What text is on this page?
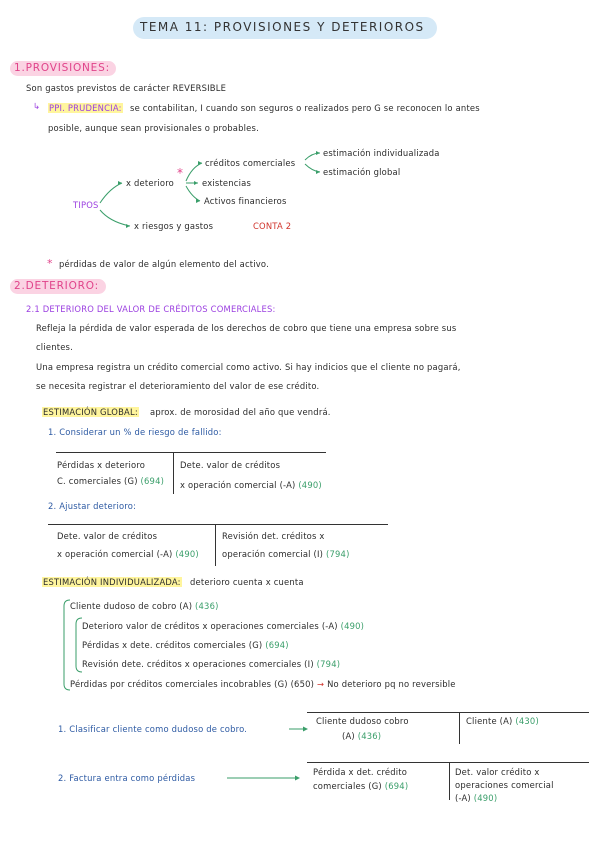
TEMA 11: PROVISIONES Y DETERIOROS
1.PROVISIONES:
Son gastos previstos de carácter REVERSIBLE
↳ PPI. PRUDENCIA: se contabilitan, I cuando son seguros o realizados pero G se reconocen lo antes
posible, aunque sean provisionales o probables.
TIPOS
x deterioro
*
créditos comerciales
estimación individualizada
estimación global
existencias
Activos financieros
x riesgos y gastos	CONTA 2
* pérdidas de valor de algún elemento del activo.
2.DETERIORO:
2.1 DETERIORO DEL VALOR DE CRÉDITOS COMERCIALES:
Refleja la pérdida de valor esperada de los derechos de cobro que tiene una empresa sobre sus
clientes.
Una empresa registra un crédito comercial como activo. Si hay indicios que el cliente no pagará,
se necesita registrar el deterioramiento del valor de ese crédito.
ESTIMACIÓN GLOBAL: aprox. de morosidad del año que vendrá.
1. Considerar un % de riesgo de fallido:
Pérdidas x deterioro
C. comerciales (G) (694)
Dete. valor de créditos
x operación comercial (-A) (490)
2. Ajustar deterioro:
Dete. valor de créditos
x operación comercial (-A) (490)
Revisión det. créditos x
operación comercial (I) (794)
ESTIMACIÓN INDIVIDUALIZADA: deterioro cuenta x cuenta
Cliente dudoso de cobro (A) (436)
Deterioro valor de créditos x operaciones comerciales (-A) (490)
Pérdidas x dete. créditos comerciales (G) (694)
Revisión dete. créditos x operaciones comerciales (I) (794)
Pérdidas por créditos comerciales incobrables (G) (650) → No deterioro pq no reversible
1. Clasificar cliente como dudoso de cobro.
Cliente dudoso cobro
(A) (436)
Cliente (A) (430)
2. Factura entra como pérdidas
Pérdida x det. crédito
comerciales (G) (694)
Det. valor crédito x
operaciones comercial
(-A) (490)
